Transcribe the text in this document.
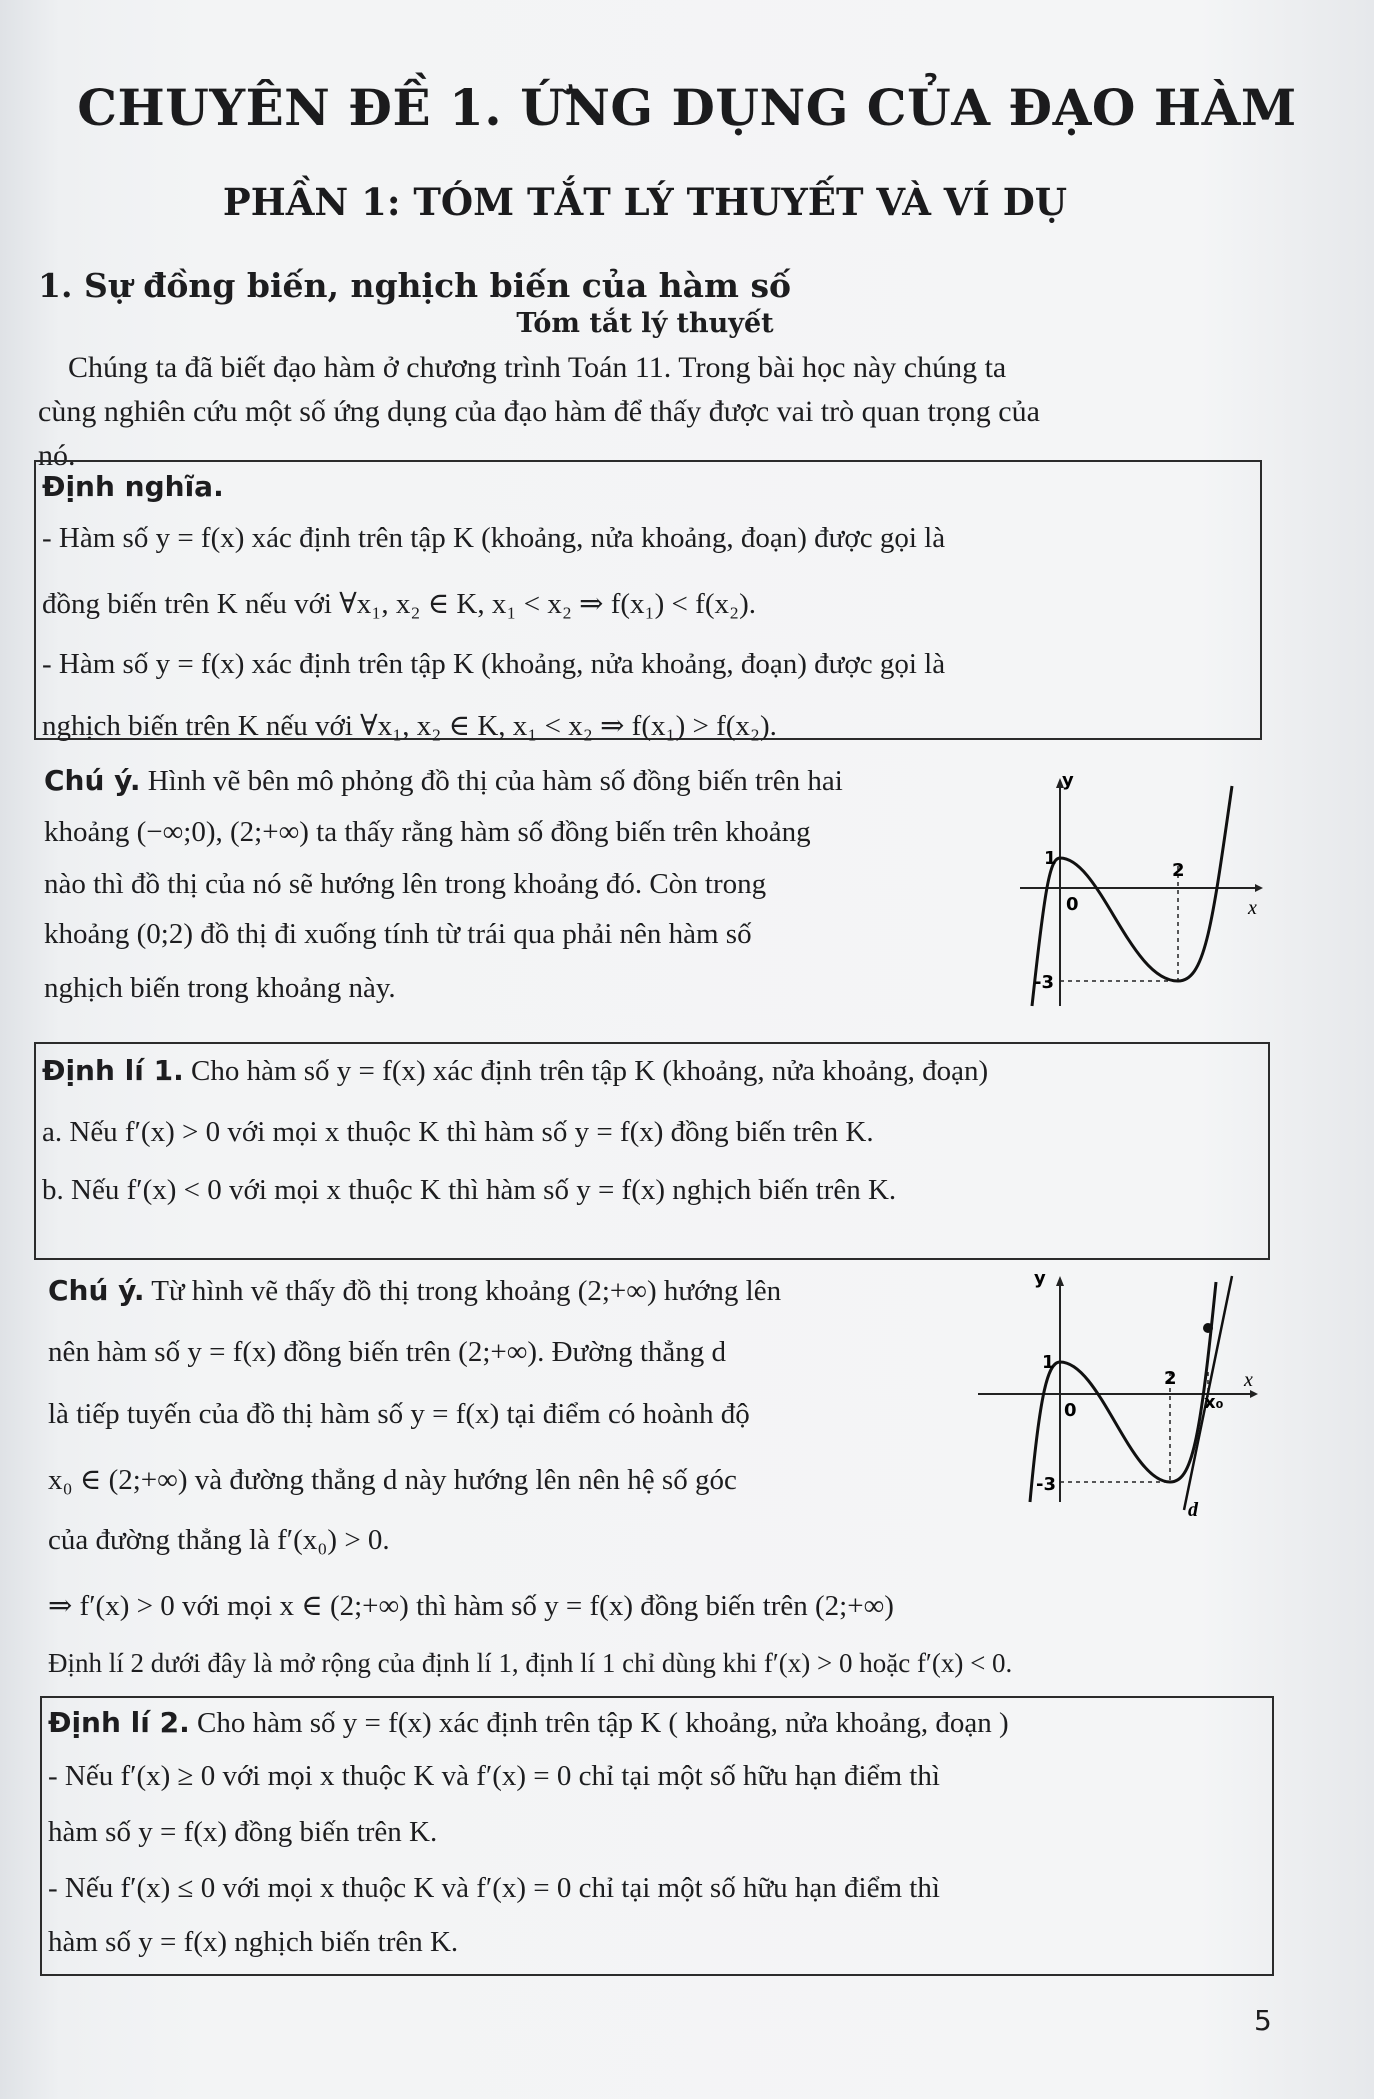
CHUYÊN ĐỀ 1. ỨNG DỤNG CỦA ĐẠO HÀM
PHẦN 1: TÓM TẮT LÝ THUYẾT VÀ VÍ DỤ
1. Sự đồng biến, nghịch biến của hàm số
Tóm tắt lý thuyết
Chúng ta đã biết đạo hàm ở chương trình Toán 11. Trong bài học này chúng ta
cùng nghiên cứu một số ứng dụng của đạo hàm để thấy được vai trò quan trọng của
nó.
Định nghĩa.
- Hàm số y = f(x) xác định trên tập K (khoảng, nửa khoảng, đoạn) được gọi là
đồng biến trên K nếu với ∀x₁, x₂ ∈ K, x₁ < x₂ ⇒ f(x₁) < f(x₂).
- Hàm số y = f(x) xác định trên tập K (khoảng, nửa khoảng, đoạn) được gọi là
nghịch biến trên K nếu với ∀x₁, x₂ ∈ K, x₁ < x₂ ⇒ f(x₁) > f(x₂).
Chú ý. Hình vẽ bên mô phỏng đồ thị của hàm số đồng biến trên hai
khoảng (−∞;0), (2;+∞) ta thấy rằng hàm số đồng biến trên khoảng
nào thì đồ thị của nó sẽ hướng lên trong khoảng đó. Còn trong
khoảng (0;2) đồ thị đi xuống tính từ trái qua phải nên hàm số
nghịch biến trong khoảng này.
y
x
0
1
2
-3
Định lí 1. Cho hàm số y = f(x) xác định trên tập K (khoảng, nửa khoảng, đoạn)
a. Nếu f′(x) > 0 với mọi x thuộc K thì hàm số y = f(x) đồng biến trên K.
b. Nếu f′(x) < 0 với mọi x thuộc K thì hàm số y = f(x) nghịch biến trên K.
Chú ý. Từ hình vẽ thấy đồ thị trong khoảng (2;+∞) hướng lên
nên hàm số y = f(x) đồng biến trên (2;+∞). Đường thẳng d
là tiếp tuyến của đồ thị hàm số y = f(x) tại điểm có hoành độ
x₀ ∈ (2;+∞) và đường thẳng d này hướng lên nên hệ số góc
của đường thẳng là f′(x₀) > 0.
⇒ f′(x) > 0 với mọi x ∈ (2;+∞) thì hàm số y = f(x) đồng biến trên (2;+∞)
Định lí 2 dưới đây là mở rộng của định lí 1, định lí 1 chỉ dùng khi f′(x) > 0 hoặc f′(x) < 0.
y
x
0
1
2
x₀
-3
d
Định lí 2. Cho hàm số y = f(x) xác định trên tập K ( khoảng, nửa khoảng, đoạn )
- Nếu f′(x) ≥ 0 với mọi x thuộc K và f′(x) = 0 chỉ tại một số hữu hạn điểm thì
hàm số y = f(x) đồng biến trên K.
- Nếu f′(x) ≤ 0 với mọi x thuộc K và f′(x) = 0 chỉ tại một số hữu hạn điểm thì
hàm số y = f(x) nghịch biến trên K.
5
